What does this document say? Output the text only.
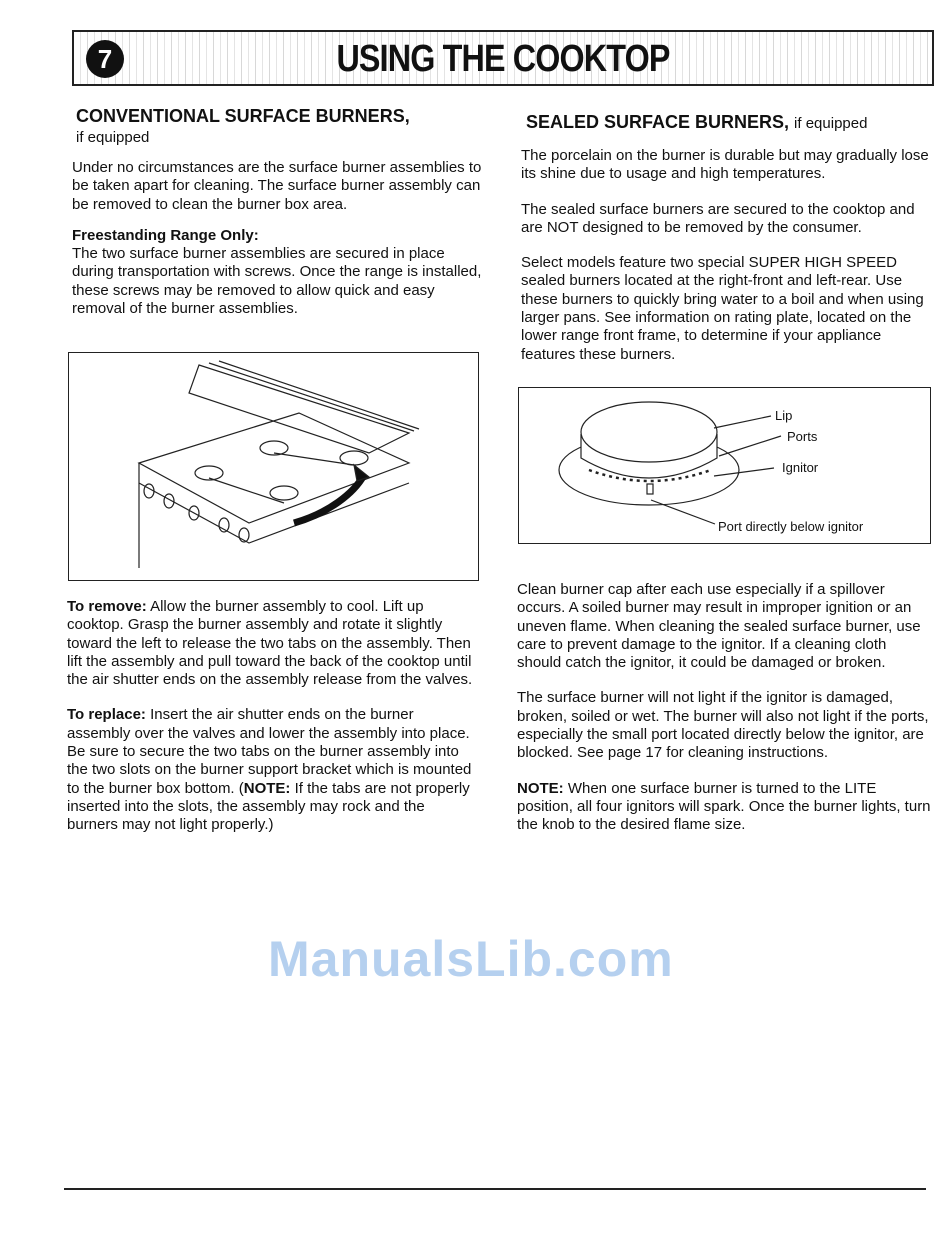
7	USING THE COOKTOP
CONVENTIONAL SURFACE BURNERS,
if equipped

Under no circumstances are the surface burner assemblies to be taken apart for cleaning. The surface burner assembly can be removed to clean the burner box area.

Freestanding Range Only:

The two surface burner assemblies are secured in place during transportation with screws. Once the range is installed, these screws may be removed to allow quick and easy removal of the burner assemblies.

To remove: Allow the burner assembly to cool. Lift up cooktop. Grasp the burner assembly and rotate it slightly toward the left to release the two tabs on the assembly. Then lift the assembly and pull toward the back of the cooktop until the air shutter ends on the assembly release from the valves.

To replace: Insert the air shutter ends on the burner assembly over the valves and lower the assembly into place. Be sure to secure the two tabs on the burner assembly into the two slots on the burner support bracket which is mounted to the burner box bottom. (NOTE: If the tabs are not properly inserted into the slots, the assembly may rock and the burners may not light properly.)

SEALED SURFACE BURNERS, if equipped

The porcelain on the burner is durable but may gradually lose its shine due to usage and high temperatures.

The sealed surface burners are secured to the cooktop and are NOT designed to be removed by the consumer.

Select models feature two special SUPER HIGH SPEED sealed burners located at the right-front and left-rear. Use these burners to quickly bring water to a boil and when using larger pans. See information on rating plate, located on the lower range front frame, to determine if your appliance features these burners.

Lip
Ports
Ignitor
Port directly below ignitor

Clean burner cap after each use especially if a spillover occurs. A soiled burner may result in improper ignition or an uneven flame. When cleaning the sealed surface burner, use care to prevent damage to the ignitor. If a cleaning cloth should catch the ignitor, it could be damaged or broken.

The surface burner will not light if the ignitor is damaged, broken, soiled or wet. The burner will also not light if the ports, especially the small port located directly below the ignitor, are blocked. See page 17 for cleaning instructions.

NOTE: When one surface burner is turned to the LITE position, all four ignitors will spark. Once the burner lights, turn the knob to the desired flame size.

ManualsLib.com
